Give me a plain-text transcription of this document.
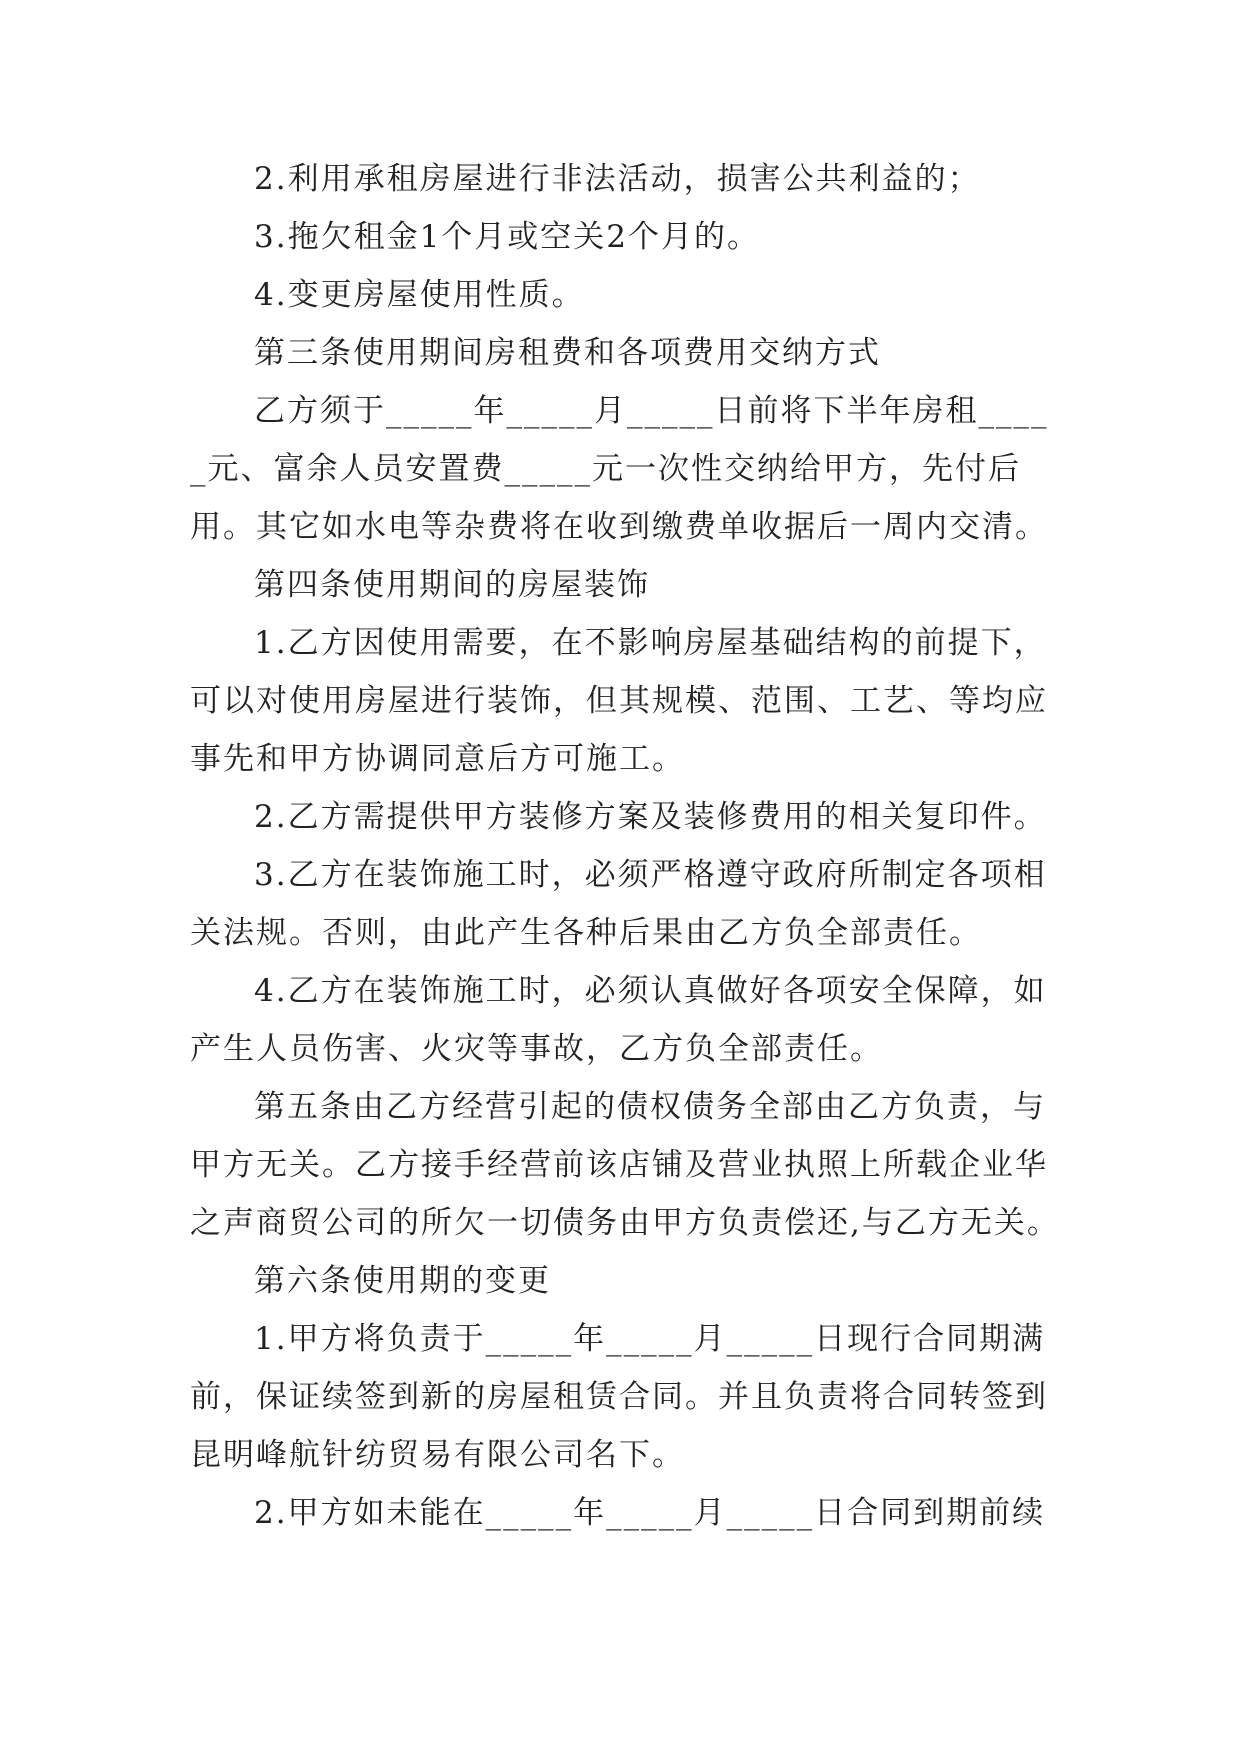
2.利用承租房屋进行非法活动，损害公共利益的；

3.拖欠租金1个月或空关2个月的。

4.变更房屋使用性质。

第三条使用期间房租费和各项费用交纳方式

乙方须于_____年_____月_____日前将下半年房租_____元、富余人员安置费_____元一次性交纳给甲方，先付后用。其它如水电等杂费将在收到缴费单收据后一周内交清。

第四条使用期间的房屋装饰

1.乙方因使用需要，在不影响房屋基础结构的前提下，可以对使用房屋进行装饰，但其规模、范围、工艺、等均应事先和甲方协调同意后方可施工。

2.乙方需提供甲方装修方案及装修费用的相关复印件。

3.乙方在装饰施工时，必须严格遵守政府所制定各项相关法规。否则，由此产生各种后果由乙方负全部责任。

4.乙方在装饰施工时，必须认真做好各项安全保障，如产生人员伤害、火灾等事故，乙方负全部责任。

第五条由乙方经营引起的债权债务全部由乙方负责，与甲方无关。乙方接手经营前该店铺及营业执照上所载企业华之声商贸公司的所欠一切债务由甲方负责偿还,与乙方无关。

第六条使用期的变更

1.甲方将负责于_____年_____月_____日现行合同期满前，保证续签到新的房屋租赁合同。并且负责将合同转签到昆明峰航针纺贸易有限公司名下。

2.甲方如未能在_____年_____月_____日合同到期前续
